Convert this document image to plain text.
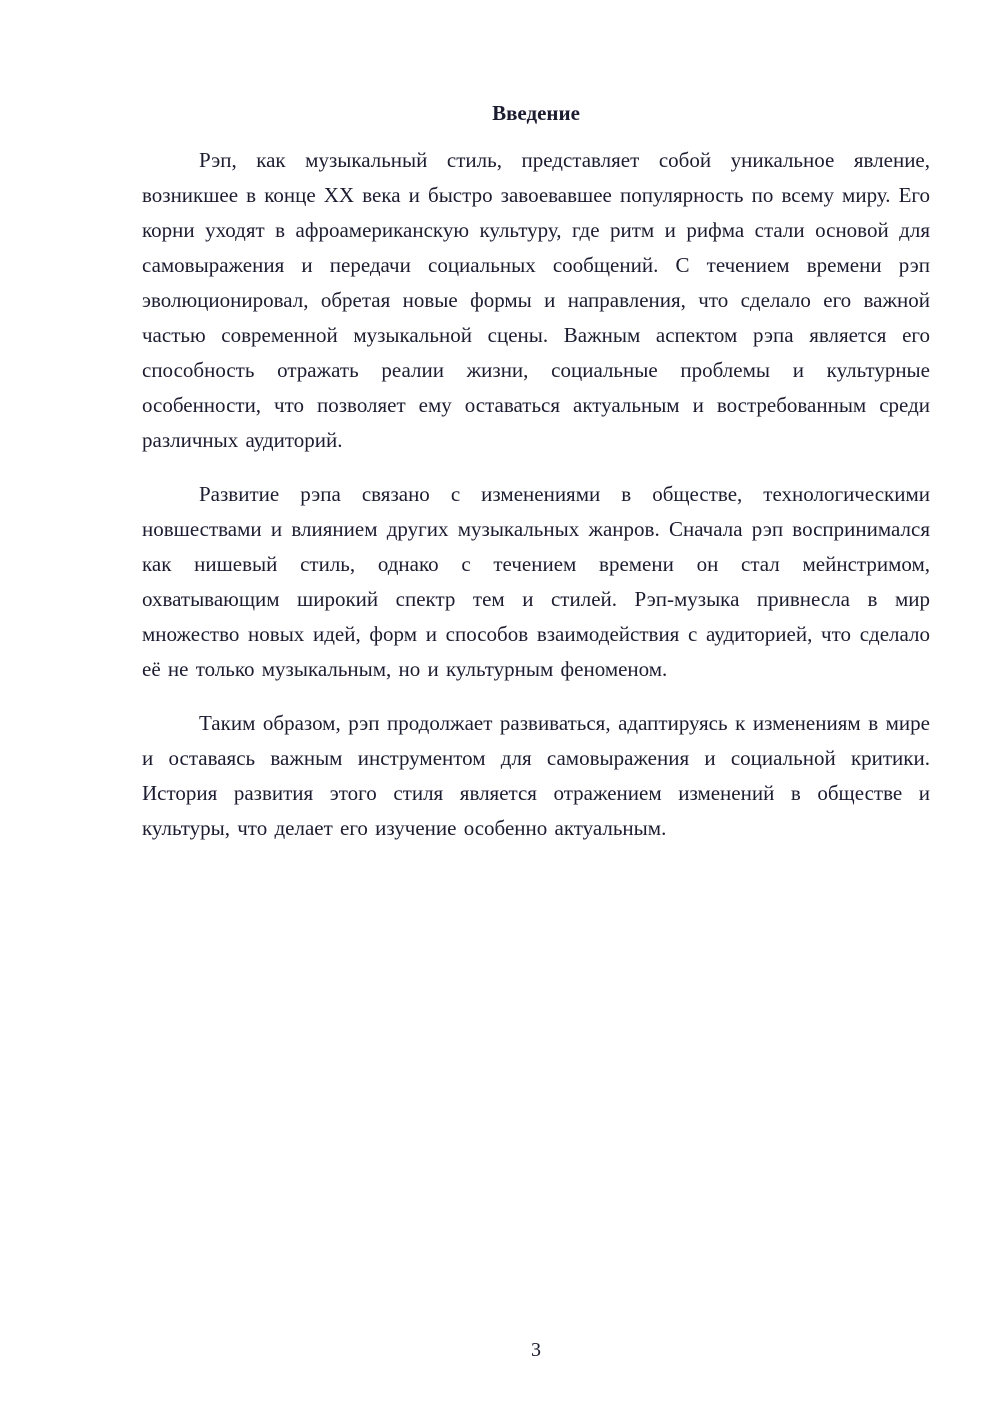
Введение

Рэп, как музыкальный стиль, представляет собой уникальное явление, возникшее в конце XX века и быстро завоевавшее популярность по всему миру. Его корни уходят в афроамериканскую культуру, где ритм и рифма стали основой для самовыражения и передачи социальных сообщений. С течением времени рэп эволюционировал, обретая новые формы и направления, что сделало его важной частью современной музыкальной сцены. Важным аспектом рэпа является его способность отражать реалии жизни, социальные проблемы и культурные особенности, что позволяет ему оставаться актуальным и востребованным среди различных аудиторий.

Развитие рэпа связано с изменениями в обществе, технологическими новшествами и влиянием других музыкальных жанров. Сначала рэп воспринимался как нишевый стиль, однако с течением времени он стал мейнстримом, охватывающим широкий спектр тем и стилей. Рэп-музыка привнесла в мир множество новых идей, форм и способов взаимодействия с аудиторией, что сделало её не только музыкальным, но и культурным феноменом.

Таким образом, рэп продолжает развиваться, адаптируясь к изменениям в мире и оставаясь важным инструментом для самовыражения и социальной критики. История развития этого стиля является отражением изменений в обществе и культуры, что делает его изучение особенно актуальным.

3
